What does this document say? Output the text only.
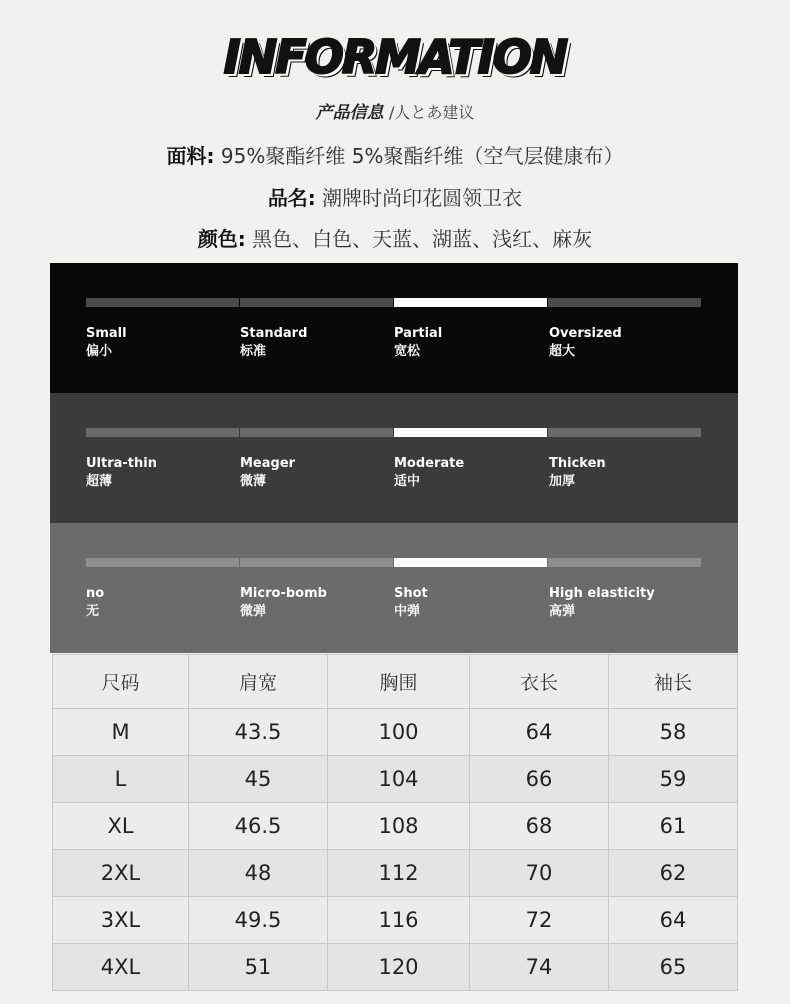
INFORMATION
产品信息 /人とあ建议
面料: 95%聚酯纤维 5%聚酯纤维（空气层健康布）
品名: 潮牌时尚印花圆领卫衣
颜色: 黑色、白色、天蓝、湖蓝、浅红、麻灰
Small
偏小
Standard
标准
Partial
宽松
Oversized
超大
Ultra-thin
超薄
Meager
微薄
Moderate
适中
Thicken
加厚
no
无
Micro-bomb
微弹
Shot
中弹
High elasticity
高弹
尺码	肩宽	胸围	衣长	袖长
M	43.5	100	64	58
L	45	104	66	59
XL	46.5	108	68	61
2XL	48	112	70	62
3XL	49.5	116	72	64
4XL	51	120	74	65
